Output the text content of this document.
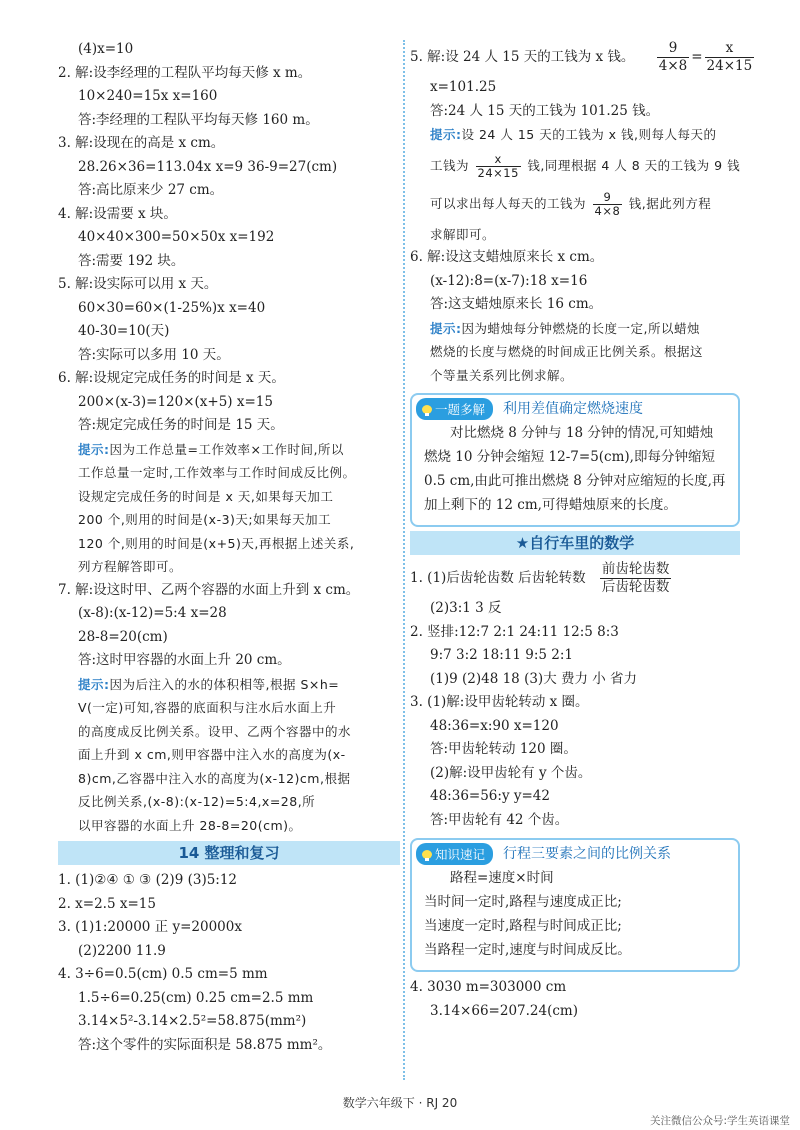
(4)x=10
2. 解:设李经理的工程队平均每天修 x m。
10×240=15x x=160
答:李经理的工程队平均每天修 160 m。
3. 解:设现在的高是 x cm。
28.26×36=113.04x x=9 36-9=27(cm)
答:高比原来少 27 cm。
4. 解:设需要 x 块。
40×40×300=50×50x x=192
答:需要 192 块。
5. 解:设实际可以用 x 天。
60×30=60×(1-25%)x x=40
40-30=10(天)
答:实际可以多用 10 天。
6. 解:设规定完成任务的时间是 x 天。
200×(x-3)=120×(x+5) x=15
答:规定完成任务的时间是 15 天。
提示:因为工作总量=工作效率×工作时间,所以
工作总量一定时,工作效率与工作时间成反比例。
设规定完成任务的时间是 x 天,如果每天加工
200 个,则用的时间是(x-3)天;如果每天加工
120 个,则用的时间是(x+5)天,再根据上述关系,
列方程解答即可。
7. 解:设这时甲、乙两个容器的水面上升到 x cm。
(x-8):(x-12)=5:4 x=28
28-8=20(cm)
答:这时甲容器的水面上升 20 cm。
提示:因为后注入的水的体积相等,根据 S×h=
V(一定)可知,容器的底面积与注水后水面上升
的高度成反比例关系。设甲、乙两个容器中的水
面上升到 x cm,则甲容器中注入水的高度为(x-
8)cm,乙容器中注入水的高度为(x-12)cm,根据
反比例关系,(x-8):(x-12)=5:4,x=28,所
以甲容器的水面上升 28-8=20(cm)。
14 整理和复习
1. (1)②④ ① ③ (2)9 (3)5:12
2. x=2.5 x=15
3. (1)1:20000 正 y=20000x
(2)2200 11.9
4. 3÷6=0.5(cm) 0.5 cm=5 mm
1.5÷6=0.25(cm) 0.25 cm=2.5 mm
3.14×5²-3.14×2.5²=58.875(mm²)
答:这个零件的实际面积是 58.875 mm²。
5. 解:设 24 人 15 天的工钱为 x 钱。 $\frac{9}{4\times 8} = \frac{x}{24\times 15}$
x=101.25
答:24 人 15 天的工钱为 101.25 钱。
提示:设 24 人 15 天的工钱为 x 钱,则每人每天的
工钱为 $\frac{x}{24\times 15}$ 钱,同理根据 4 人 8 天的工钱为 9 钱
可以求出每人每天的工钱为 $\frac{9}{4\times 8}$ 钱,据此列方程
求解即可。
6. 解:设这支蜡烛原来长 x cm。
(x-12):8=(x-7):18 x=16
答:这支蜡烛原来长 16 cm。
提示:因为蜡烛每分钟燃烧的长度一定,所以蜡烛
燃烧的长度与燃烧的时间成正比例关系。根据这
个等量关系列比例求解。
一题多解	利用差值确定燃烧速度
对比燃烧 8 分钟与 18 分钟的情况,可知蜡烛
燃烧 10 分钟会缩短 12-7=5(cm),即每分钟缩短
0.5 cm,由此可推出燃烧 8 分钟对应缩短的长度,再
加上剩下的 12 cm,可得蜡烛原来的长度。
★自行车里的数学
1. (1)后齿轮齿数 后齿轮转数 $\frac{\text{前齿轮齿数}}{\text{后齿轮齿数}}$
(2)3:1 3 反
2. 竖排:12:7 2:1 24:11 12:5 8:3
9:7 3:2 18:11 9:5 2:1
(1)9 (2)48 18 (3)大 费力 小 省力
3. (1)解:设甲齿轮转动 x 圈。
48:36=x:90 x=120
答:甲齿轮转动 120 圈。
(2)解:设甲齿轮有 y 个齿。
48:36=56:y y=42
答:甲齿轮有 42 个齿。
知识速记	行程三要素之间的比例关系
路程=速度×时间
当时间一定时,路程与速度成正比;
当速度一定时,路程与时间成正比;
当路程一定时,速度与时间成反比。
4. 3030 m=303000 cm
3.14×66=207.24(cm)
数学六年级下 · RJ 20
关注微信公众号:学生英语课堂
